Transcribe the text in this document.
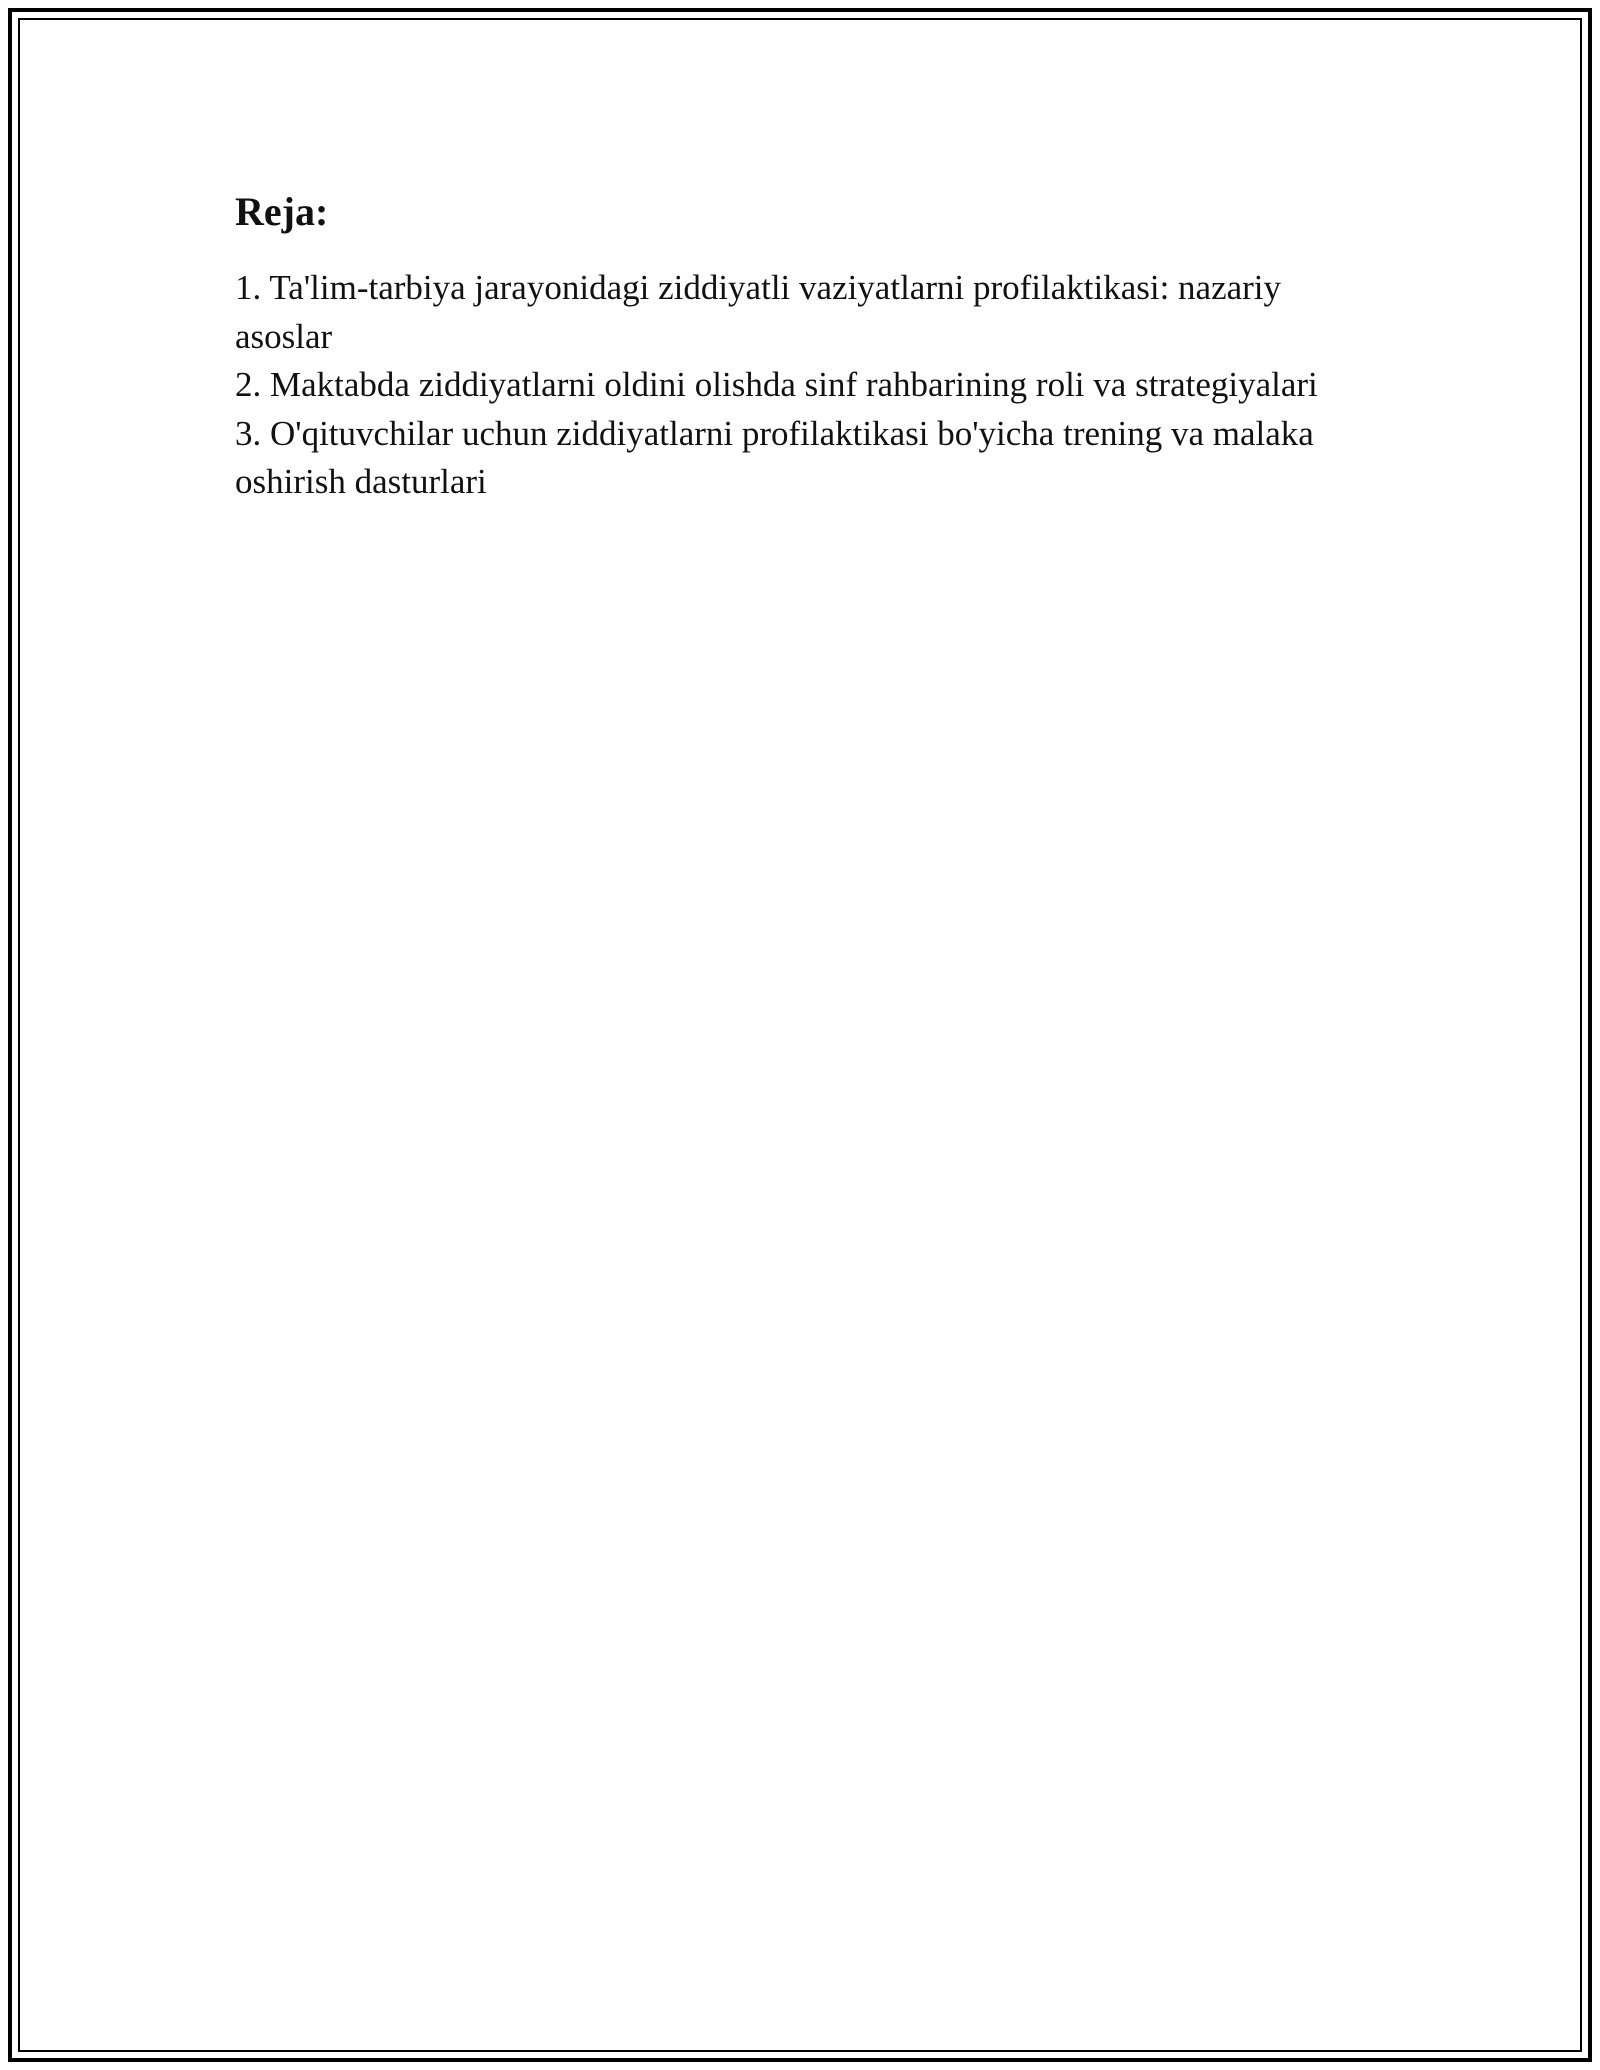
Reja:
1. Ta'lim-tarbiya jarayonidagi ziddiyatli vaziyatlarni profilaktikasi: nazariy asoslar
2. Maktabda ziddiyatlarni oldini olishda sinf rahbarining roli va strategiyalari
3. O'qituvchilar uchun ziddiyatlarni profilaktikasi bo'yicha trening va malaka oshirish dasturlari
